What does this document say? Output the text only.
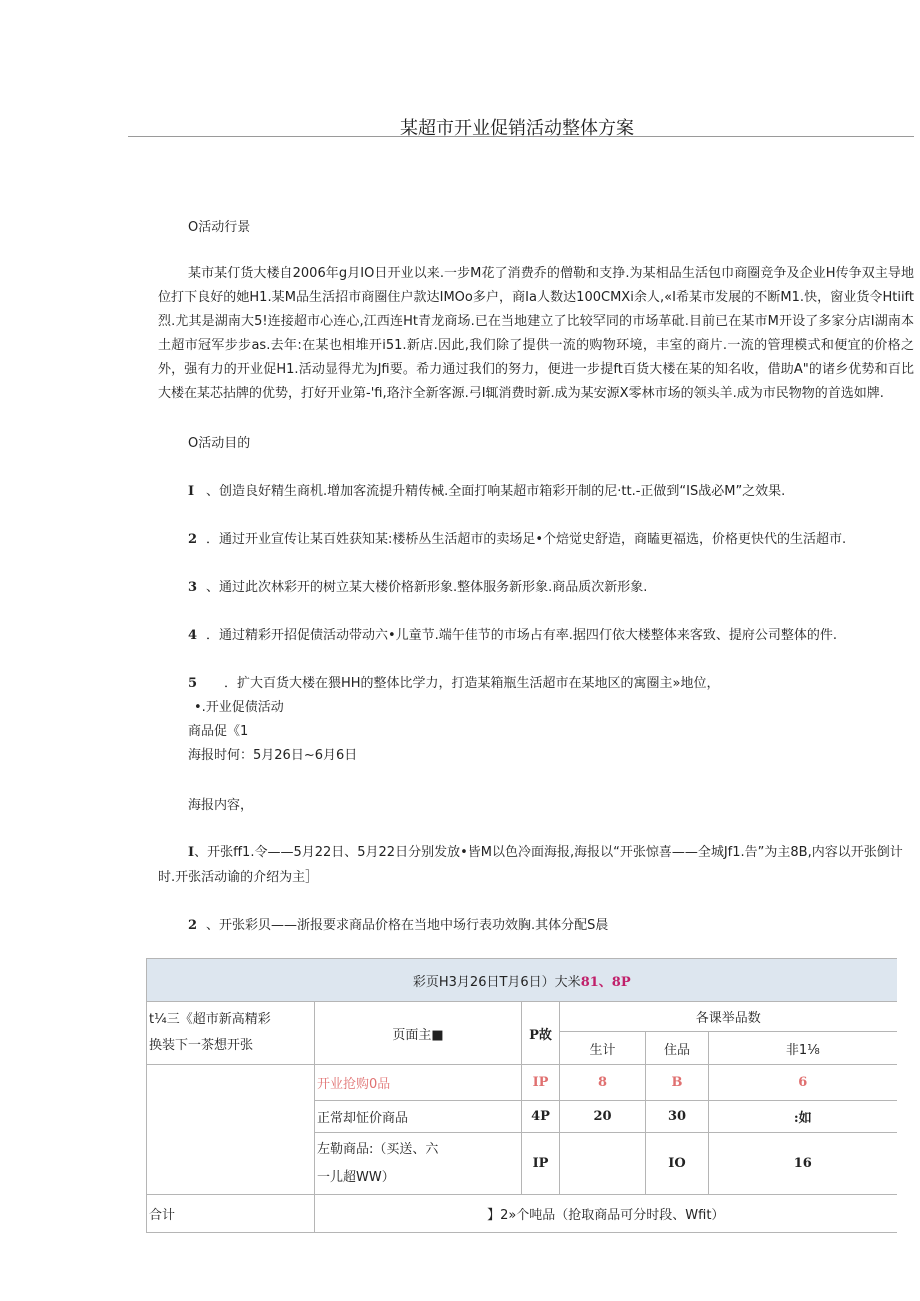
某超市开业促销活动整体方案
O活动行景
某市某仃货大楼自2006年g月IO日开业以来.一步M花了消费乔的僧勒和支挣.为某相品生活包巾商圈竞争及企业H传争双主导地位打下良好的她H1.某M品生活招市商圈住户款达IMOo多户，商Ia人数达100CMXi余人,«I希某市发展的不断M1.快，窗业货令Htiift烈.尤其是湖南大5!连接超市心连心,江西连Ht青龙商场.已在当地建立了比较罕同的市场革砒.目前已在某市M开设了多家分店I湖南本土超市冠军步步as.去年:在某也相堆开i51.新店.因此,我们除了提供一流的购物环境，丰室的商片.一流的管理模式和便宜的价格之外，强有力的开业促H1.活动显得尤为Jfi要。希力通过我们的努力，便进一步提ft百货大楼在某的知名收，借助A"的诸乡优势和百比大楼在某芯拈牌的优势，打好开业第-'fi,珞汴全新客源.弓I辄消费时新.成为某安源X零林市场的领头羊.成为市民物物的首选如牌.
O活动目的
I 、创造良好精生商机.增加客流提升精传械.全面打响某超市箱彩开制的尼·tt.-正做到“IS战必M”之效果.
2 ．通过开业宣传让某百姓获知某:楼桥丛生活超市的卖场足•个焙觉史舒造，商瞌更福选，价格更快代的生活超市.
3 、通过此次林彩开的树立某大楼价格新形象.整体服务新形象.商品质次新形象.
4 ．通过精彩开招促债活动带动六•儿童节.端午佳节的市场占有率.据四仃依大楼整体来客致、提府公司整体的件.
5 ．扩大百货大楼在猥HH的整体比学力，打造某箱瓶生活超市在某地区的寓圈主»地位，
•.开业促债活动
商品促《1
海报时何：5月26日~6月6日
海报内容，
I、开张ff1.令——5月22日、5月22日分别发放•皆M以色冷面海报,海报以“开张惊喜——全城Jf1.告”为主8B,内容以开张倒计时.开张活动谕的介绍为主］
2 、开张彩贝——浙报要求商品价格在当地中场行表功效胸.其体分配S晨
彩页H3月26日T月6日）大米81、8P					

t¼三《超市新高精彩
换装下一茶想开张	页面主■	P故	各课举品数		
			生计	住品	非1⅛
	开业抢购0品	IP	8	B	6
	正常却怔价商品	4P	20	30	:如

	左勒商品:（买送、六
一儿超WW）	IP		IO	16
合计	】2»个吨品（抢取商品可分时段、Wfit）				
